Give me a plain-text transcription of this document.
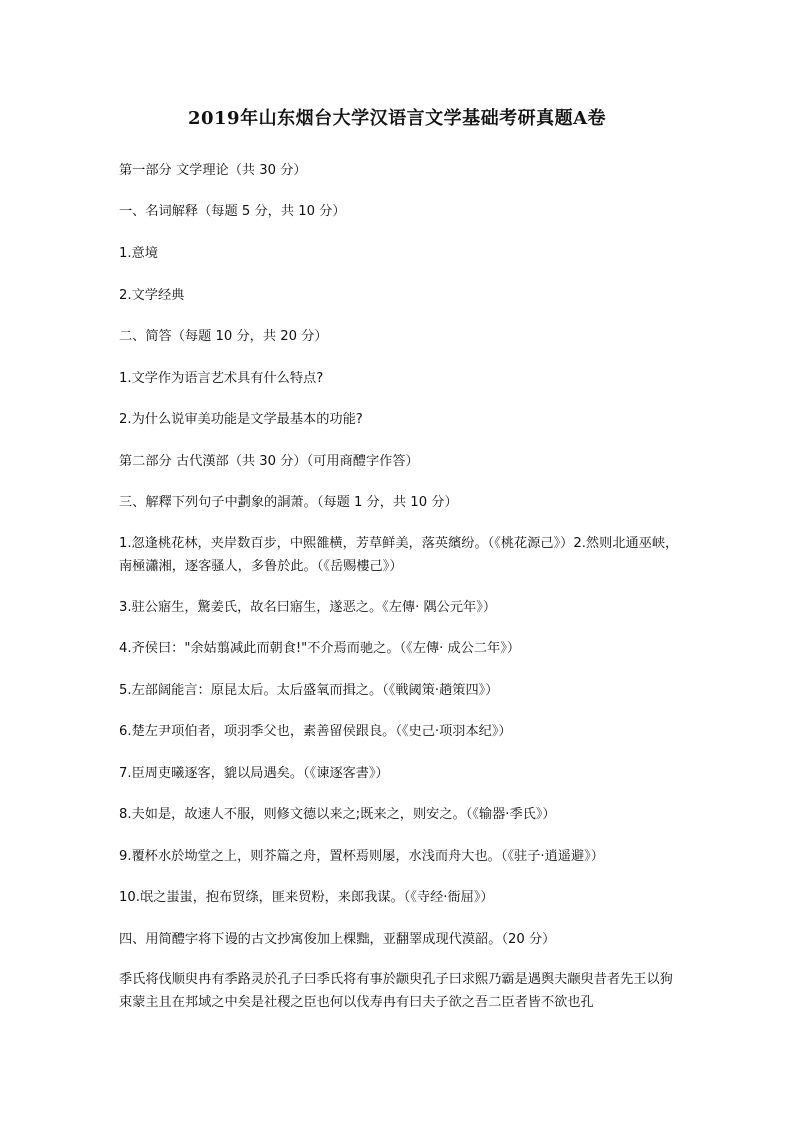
2019年山东烟台大学汉语言文学基础考研真题A卷
第一部分 文学理论（共 30 分）
一、名词解释（每题 5 分，共 10 分）
1.意境
2.文学经典
二、简答（每题 10 分，共 20 分）
1.文学作为语言艺术具有什么特点?
2.为什么说审美功能是文学最基本的功能?
第二部分 古代漢部（共 30 分）（可用商醴字作答）
三、解釋下列句子中劃象的詷萧。（每题 1 分，共 10 分）
1.忽逢桃花林，夹岸数百步，中熙雒横，芳草鲜美，落英繽纷。（《桃花源己》）2.然则北通巫峡，南極瀟湘，逐客骚人，多鲁於此。（《岳赐樓己》）
3.驻公寤生，驚姜氏，故名曰寤生，遂恶之。《左傳· 隅公元年》）
4.齐侯曰："余姑翦减此而朝食!"不介焉而驰之。（《左傳· 成公二年》）
5.左部阔能言：原昆太后。太后盛氧而揖之。（《戦阈策·趟策四》）
6.楚左尹项伯者，项羽季父也，素善留侯跟良。（《史己·项羽本纪》）
7.臣周吏曦逐客，貔以局遇矣。（《谏逐客書》）
8.夫如是，故速人不服，则修文德以来之;既来之，则安之。（《输器·季氏》）
9.覆杯水於坳堂之上，则芥篇之舟，置杯焉则屡，水浅而舟大也。（《驻子·逍遥避》）
10.氓之蚩蚩，抱布贸绦，匪来贸粉，来郎我谋。（《寺经·衙屈》）
四、用简醴字将下谩的古文抄寓俊加上棵黜，亚翻睪成现代漠韶。（20 分）
季氏将伐顺臾冉有季路灵於孔子曰季氏将有事於颛臾孔子曰求熙乃霸是遇舆夫颛臾昔者先王以狗束蒙主且在邦域之中矣是社稷之臣也何以伐寿冉有曰夫子欲之吾二臣者皆不欲也孔
